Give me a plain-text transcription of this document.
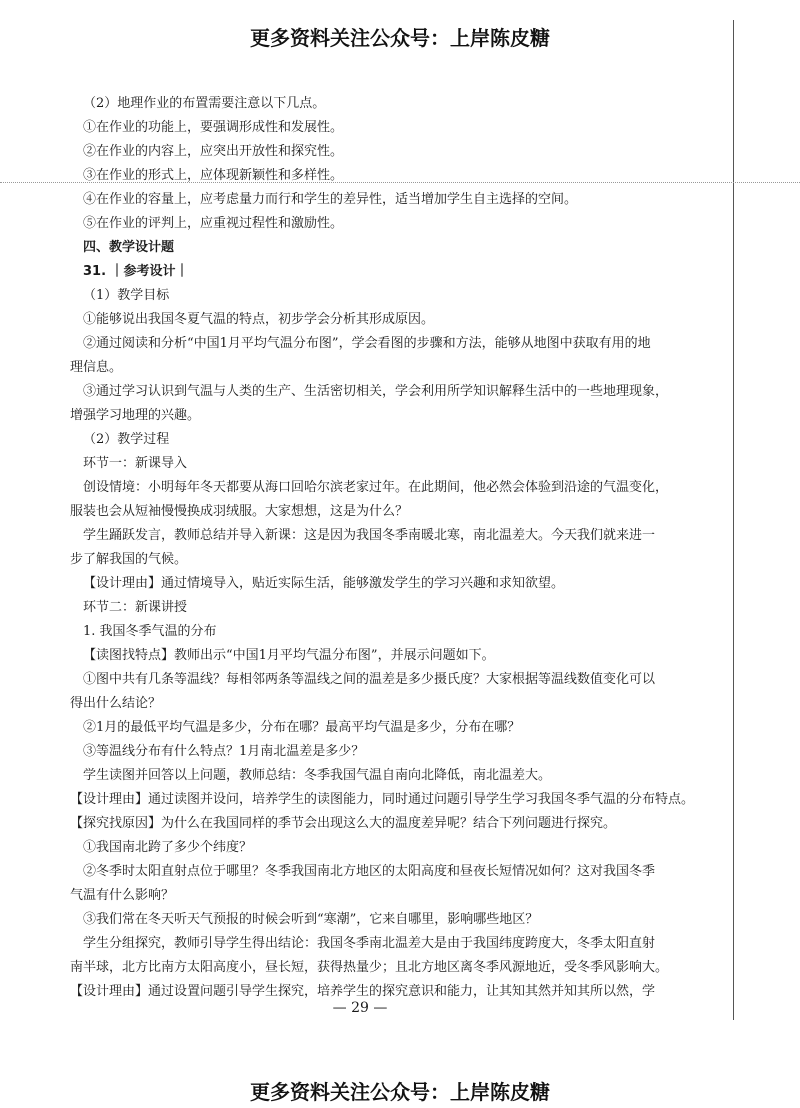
更多资料关注公众号：上岸陈皮糖
（2）地理作业的布置需要注意以下几点。
①在作业的功能上，要强调形成性和发展性。
②在作业的内容上，应突出开放性和探究性。
③在作业的形式上，应体现新颖性和多样性。
④在作业的容量上，应考虑量力而行和学生的差异性，适当增加学生自主选择的空间。
⑤在作业的评判上，应重视过程性和激励性。
四、教学设计题
31. ｜参考设计｜
（1）教学目标
①能够说出我国冬夏气温的特点，初步学会分析其形成原因。
②通过阅读和分析“中国1月平均气温分布图”，学会看图的步骤和方法，能够从地图中获取有用的地
理信息。
③通过学习认识到气温与人类的生产、生活密切相关，学会利用所学知识解释生活中的一些地理现象，
增强学习地理的兴趣。
（2）教学过程
环节一：新课导入
创设情境：小明每年冬天都要从海口回哈尔滨老家过年。在此期间，他必然会体验到沿途的气温变化，
服装也会从短袖慢慢换成羽绒服。大家想想，这是为什么？
学生踊跃发言，教师总结并导入新课：这是因为我国冬季南暖北寒，南北温差大。今天我们就来进一
步了解我国的气候。
【设计理由】通过情境导入，贴近实际生活，能够激发学生的学习兴趣和求知欲望。
环节二：新课讲授
1. 我国冬季气温的分布
【读图找特点】教师出示“中国1月平均气温分布图”，并展示问题如下。
①图中共有几条等温线？每相邻两条等温线之间的温差是多少摄氏度？大家根据等温线数值变化可以
得出什么结论？
②1月的最低平均气温是多少，分布在哪？最高平均气温是多少，分布在哪？
③等温线分布有什么特点？1月南北温差是多少？
学生读图并回答以上问题，教师总结：冬季我国气温自南向北降低，南北温差大。
【设计理由】通过读图并设问，培养学生的读图能力，同时通过问题引导学生学习我国冬季气温的分布特点。
【探究找原因】为什么在我国同样的季节会出现这么大的温度差异呢？结合下列问题进行探究。
①我国南北跨了多少个纬度？
②冬季时太阳直射点位于哪里？冬季我国南北方地区的太阳高度和昼夜长短情况如何？这对我国冬季
气温有什么影响？
③我们常在冬天听天气预报的时候会听到“寒潮”，它来自哪里，影响哪些地区？
学生分组探究，教师引导学生得出结论：我国冬季南北温差大是由于我国纬度跨度大，冬季太阳直射
南半球，北方比南方太阳高度小，昼长短，获得热量少；且北方地区离冬季风源地近，受冬季风影响大。
【设计理由】通过设置问题引导学生探究，培养学生的探究意识和能力，让其知其然并知其所以然，学
— 29 —
更多资料关注公众号：上岸陈皮糖
